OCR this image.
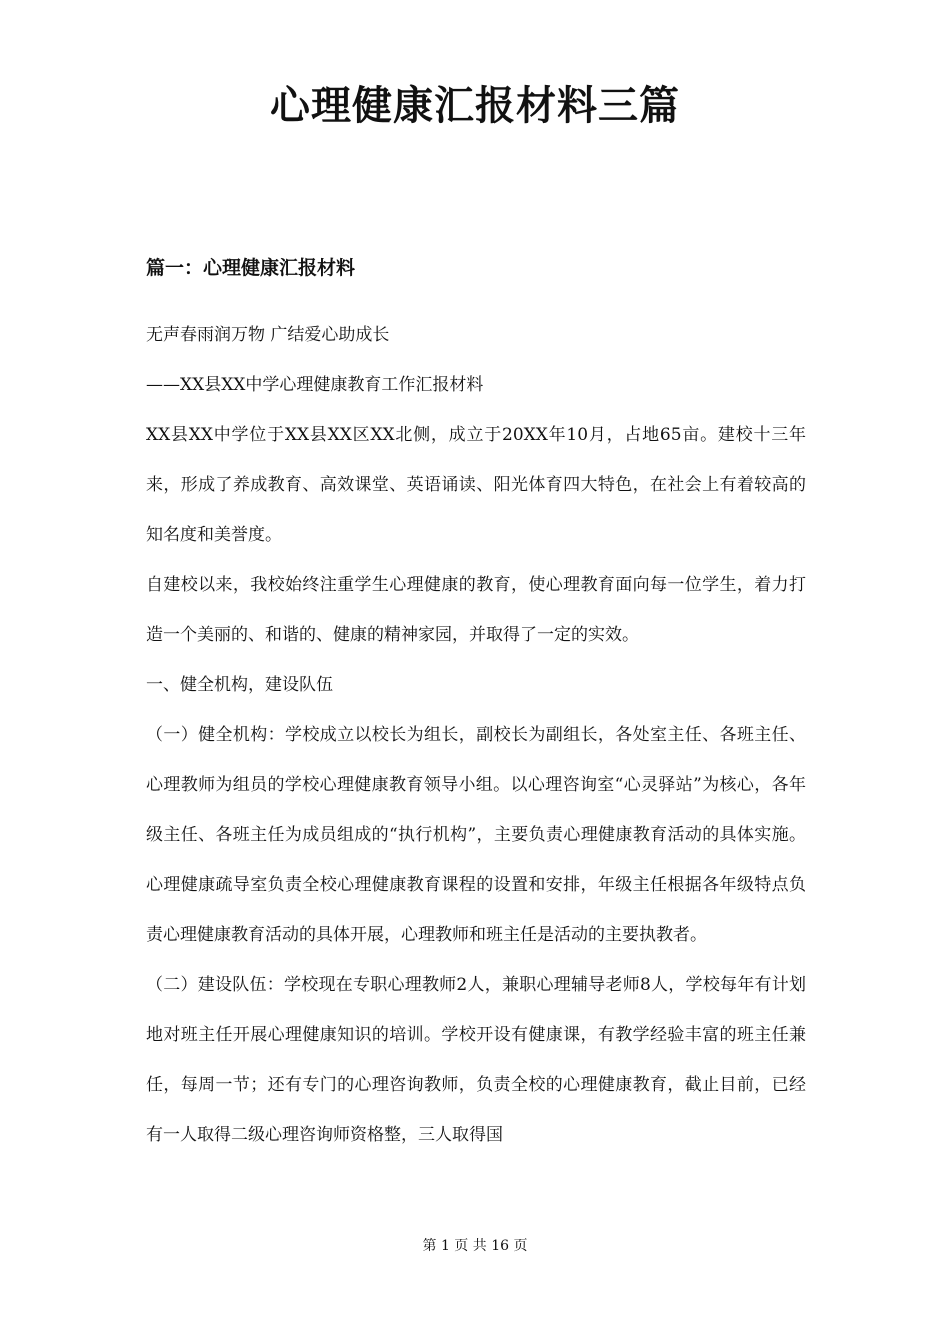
心理健康汇报材料三篇
篇一：心理健康汇报材料

无声春雨润万物 广结爱心助成长

——XX县XX中学心理健康教育工作汇报材料

XX县XX中学位于XX县XX区XX北侧，成立于20XX年10月，占地65亩。建校十三年来，形成了养成教育、高效课堂、英语诵读、阳光体育四大特色，在社会上有着较高的知名度和美誉度。

自建校以来，我校始终注重学生心理健康的教育，使心理教育面向每一位学生，着力打造一个美丽的、和谐的、健康的精神家园，并取得了一定的实效。

一、健全机构，建设队伍

（一）健全机构：学校成立以校长为组长，副校长为副组长，各处室主任、各班主任、心理教师为组员的学校心理健康教育领导小组。以心理咨询室“心灵驿站”为核心，各年级主任、各班主任为成员组成的“执行机构”，主要负责心理健康教育活动的具体实施。心理健康疏导室负责全校心理健康教育课程的设置和安排，年级主任根据各年级特点负责心理健康教育活动的具体开展，心理教师和班主任是活动的主要执教者。

（二）建设队伍：学校现在专职心理教师2人，兼职心理辅导老师8人，学校每年有计划地对班主任开展心理健康知识的培训。学校开设有健康课，有教学经验丰富的班主任兼任，每周一节；还有专门的心理咨询教师，负责全校的心理健康教育，截止目前，已经有一人取得二级心理咨询师资格整，三人取得国

第 1 页 共 16 页
